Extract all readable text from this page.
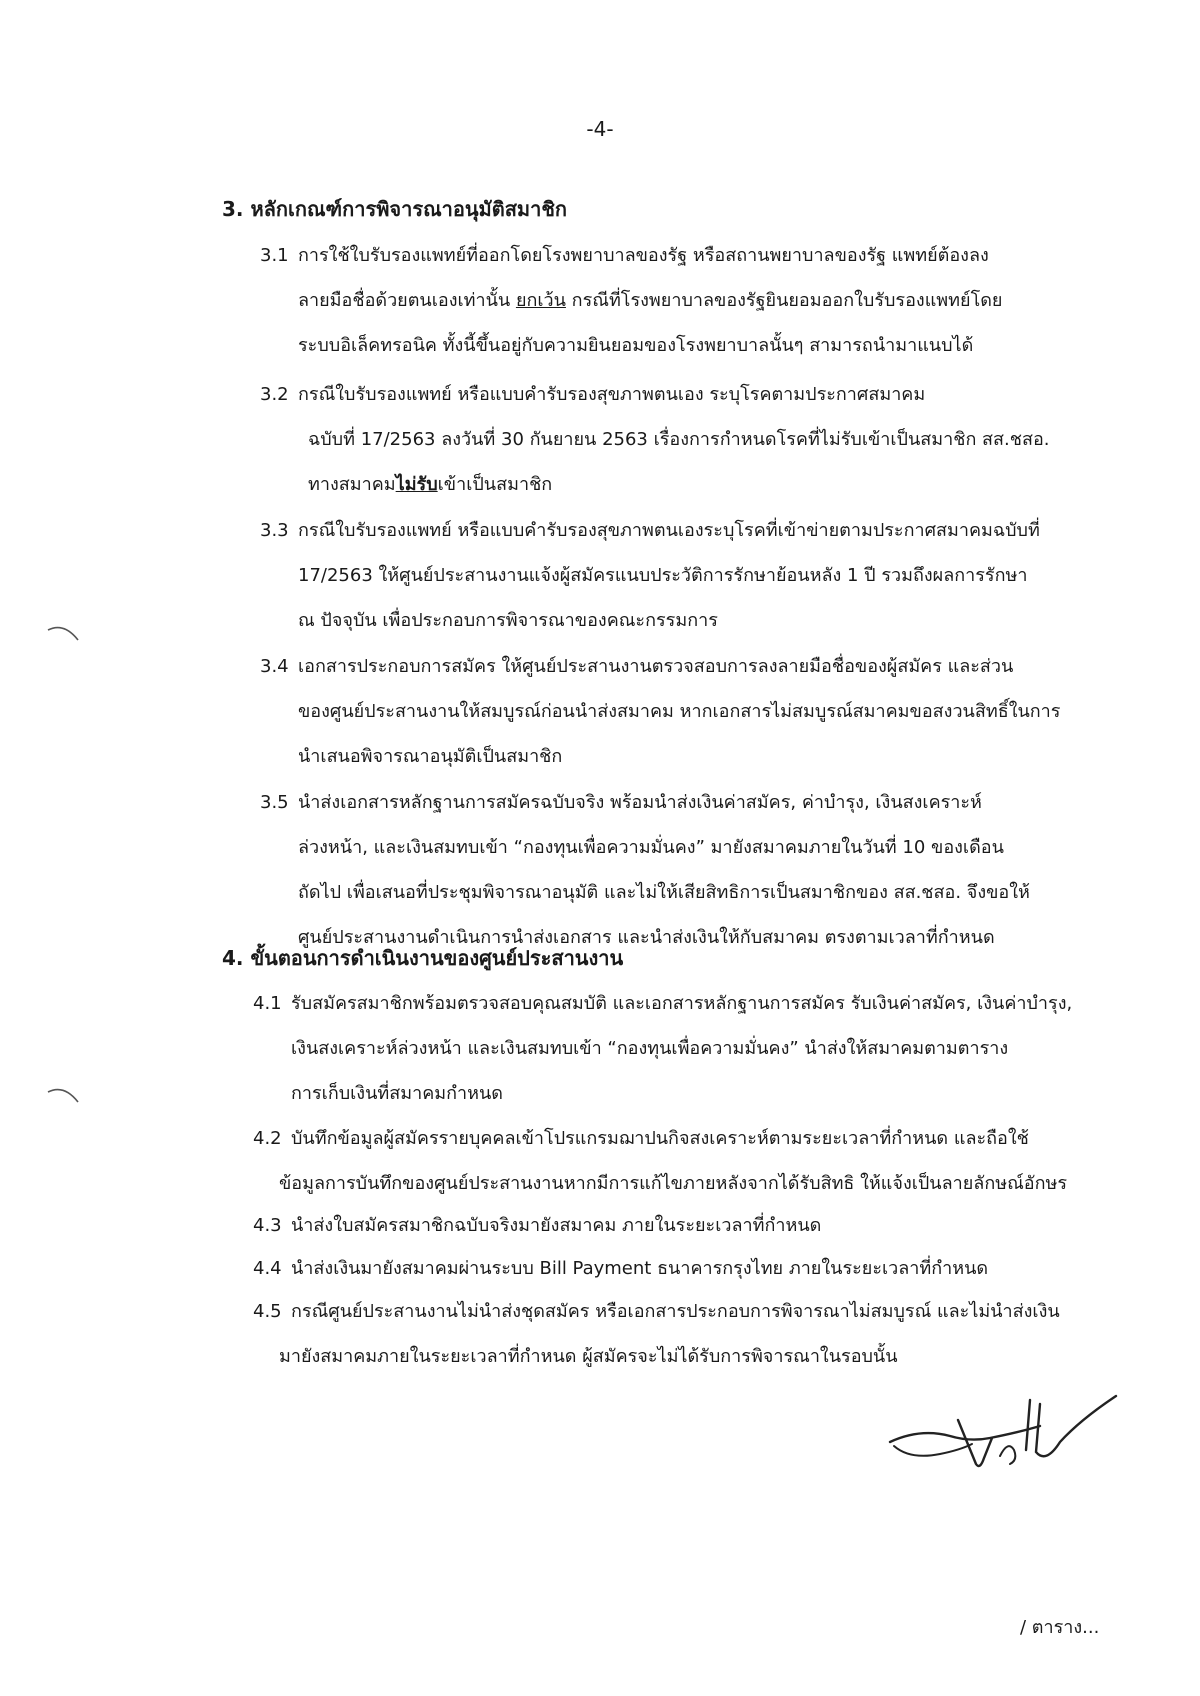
-4-
3. หลักเกณฑ์การพิจารณาอนุมัติสมาชิก
3.1 การใช้ใบรับรองแพทย์ที่ออกโดยโรงพยาบาลของรัฐ หรือสถานพยาบาลของรัฐ แพทย์ต้องลง
ลายมือชื่อด้วยตนเองเท่านั้น ยกเว้น กรณีที่โรงพยาบาลของรัฐยินยอมออกใบรับรองแพทย์โดย
ระบบอิเล็คทรอนิค ทั้งนี้ขึ้นอยู่กับความยินยอมของโรงพยาบาลนั้นๆ สามารถนำมาแนบได้
3.2 กรณีใบรับรองแพทย์ หรือแบบคำรับรองสุขภาพตนเอง ระบุโรคตามประกาศสมาคม
ฉบับที่ 17/2563 ลงวันที่ 30 กันยายน 2563 เรื่องการกำหนดโรคที่ไม่รับเข้าเป็นสมาชิก สส.ชสอ.
ทางสมาคมไม่รับเข้าเป็นสมาชิก
3.3 กรณีใบรับรองแพทย์ หรือแบบคำรับรองสุขภาพตนเองระบุโรคที่เข้าข่ายตามประกาศสมาคมฉบับที่
17/2563 ให้ศูนย์ประสานงานแจ้งผู้สมัครแนบประวัติการรักษาย้อนหลัง 1 ปี รวมถึงผลการรักษา
ณ ปัจจุบัน เพื่อประกอบการพิจารณาของคณะกรรมการ
3.4 เอกสารประกอบการสมัคร ให้ศูนย์ประสานงานตรวจสอบการลงลายมือชื่อของผู้สมัคร และส่วน
ของศูนย์ประสานงานให้สมบูรณ์ก่อนนำส่งสมาคม หากเอกสารไม่สมบูรณ์สมาคมขอสงวนสิทธิ์ในการ
นำเสนอพิจารณาอนุมัติเป็นสมาชิก
3.5 นำส่งเอกสารหลักฐานการสมัครฉบับจริง พร้อมนำส่งเงินค่าสมัคร, ค่าบำรุง, เงินสงเคราะห์
ล่วงหน้า, และเงินสมทบเข้า “กองทุนเพื่อความมั่นคง” มายังสมาคมภายในวันที่ 10 ของเดือน
ถัดไป เพื่อเสนอที่ประชุมพิจารณาอนุมัติ และไม่ให้เสียสิทธิการเป็นสมาชิกของ สส.ชสอ. จึงขอให้
ศูนย์ประสานงานดำเนินการนำส่งเอกสาร และนำส่งเงินให้กับสมาคม ตรงตามเวลาที่กำหนด
4. ขั้นตอนการดำเนินงานของศูนย์ประสานงาน
4.1 รับสมัครสมาชิกพร้อมตรวจสอบคุณสมบัติ และเอกสารหลักฐานการสมัคร รับเงินค่าสมัคร, เงินค่าบำรุง,
เงินสงเคราะห์ล่วงหน้า และเงินสมทบเข้า “กองทุนเพื่อความมั่นคง” นำส่งให้สมาคมตามตาราง
การเก็บเงินที่สมาคมกำหนด
4.2 บันทึกข้อมูลผู้สมัครรายบุคคลเข้าโปรแกรมฌาปนกิจสงเคราะห์ตามระยะเวลาที่กำหนด และถือใช้
ข้อมูลการบันทึกของศูนย์ประสานงานหากมีการแก้ไขภายหลังจากได้รับสิทธิ ให้แจ้งเป็นลายลักษณ์อักษร
4.3 นำส่งใบสมัครสมาชิกฉบับจริงมายังสมาคม ภายในระยะเวลาที่กำหนด
4.4 นำส่งเงินมายังสมาคมผ่านระบบ Bill Payment ธนาคารกรุงไทย ภายในระยะเวลาที่กำหนด
4.5 กรณีศูนย์ประสานงานไม่นำส่งชุดสมัคร หรือเอกสารประกอบการพิจารณาไม่สมบูรณ์ และไม่นำส่งเงิน
มายังสมาคมภายในระยะเวลาที่กำหนด ผู้สมัครจะไม่ได้รับการพิจารณาในรอบนั้น
/ ตาราง...
